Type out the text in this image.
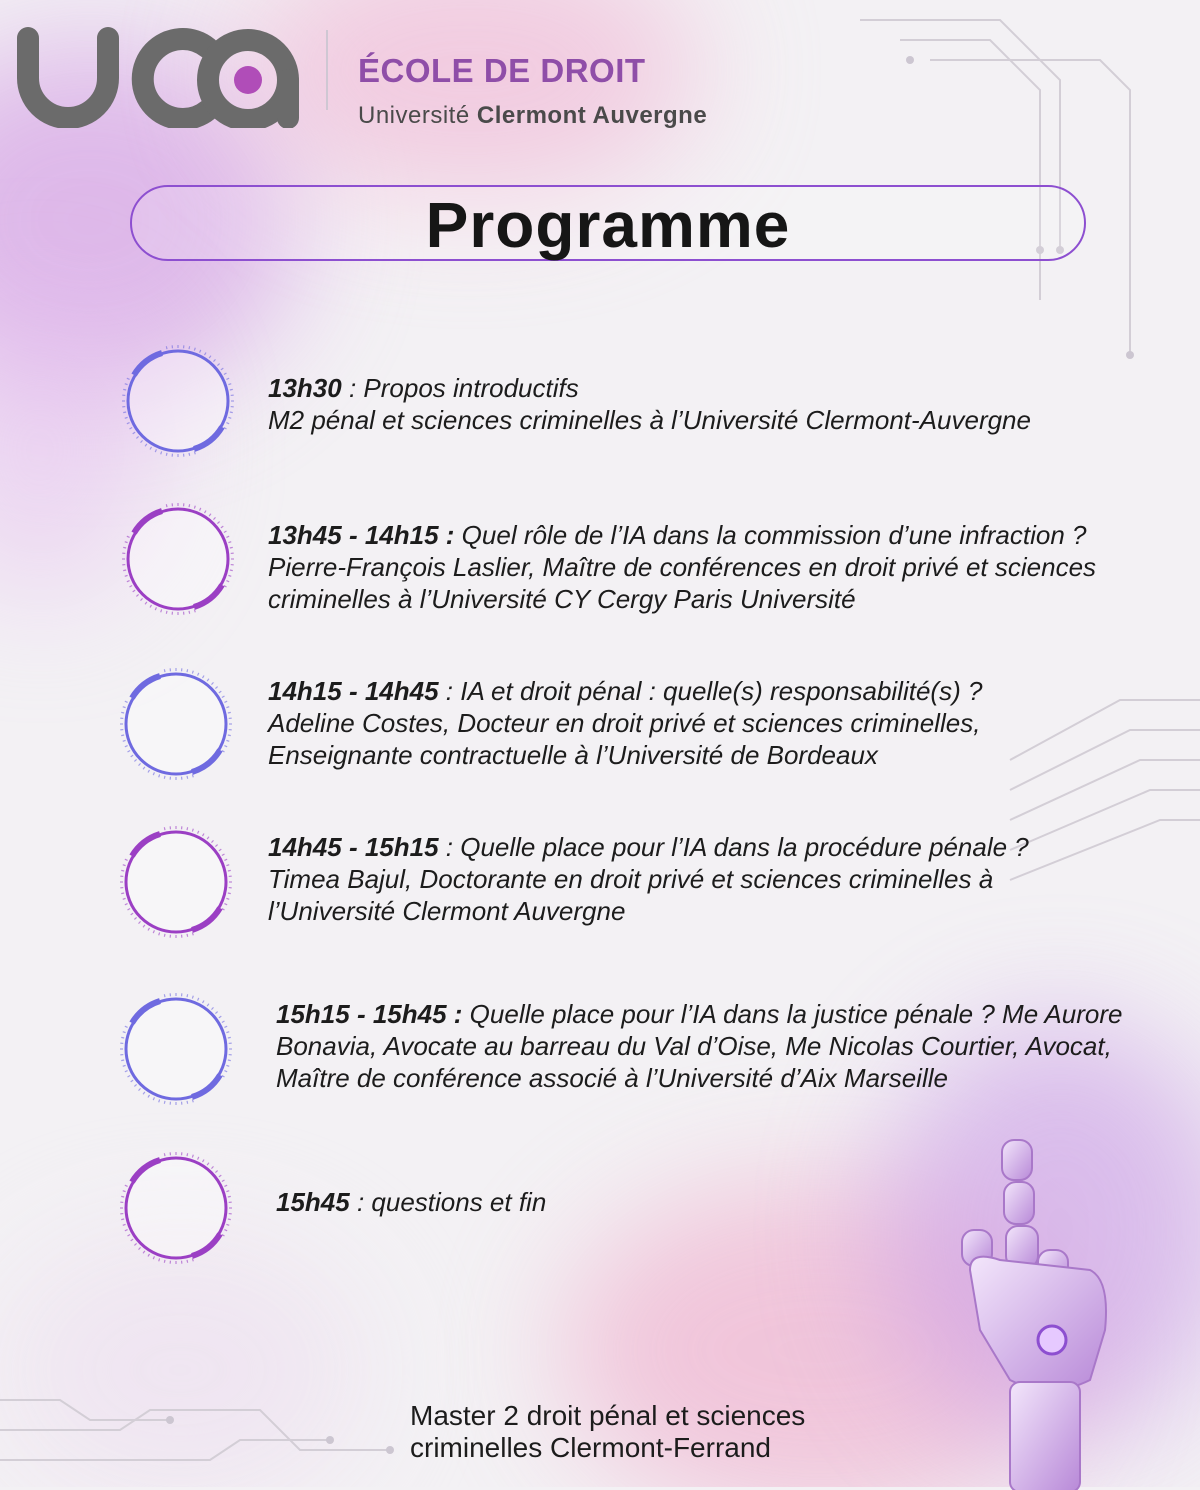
ÉCOLE DE DROIT
Université Clermont Auvergne
Programme
13h30 : Propos introductifs
M2 pénal et sciences criminelles à l’Université Clermont-Auvergne
13h45 - 14h15 : Quel rôle de l’IA dans la commission d’une infraction ?
Pierre-François Laslier, Maître de conférences en droit privé et sciences criminelles à l’Université CY Cergy Paris Université
14h15 - 14h45 : IA et droit pénal : quelle(s) responsabilité(s) ?
Adeline Costes, Docteur en droit privé et sciences criminelles, Enseignante contractuelle à l’Université de Bordeaux
14h45 - 15h15 : Quelle place pour l’IA dans la procédure pénale ?
Timea Bajul, Doctorante en droit privé et sciences criminelles à l’Université Clermont Auvergne
15h15 - 15h45 : Quelle place pour l’IA dans la justice pénale ? Me Aurore Bonavia, Avocate au barreau du Val d’Oise, Me Nicolas Courtier, Avocat, Maître de conférence associé à l’Université d’Aix Marseille
15h45 : questions et fin
Master 2 droit pénal et sciences
criminelles Clermont-Ferrand
